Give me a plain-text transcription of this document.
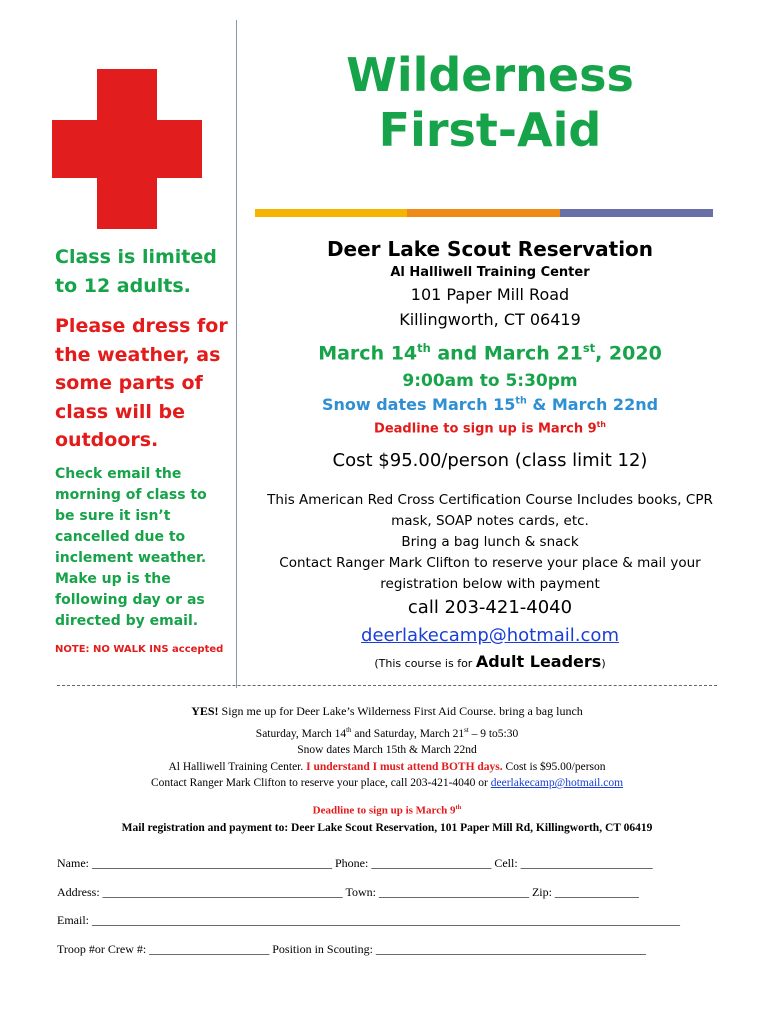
Wilderness
First-Aid
Class is limited
to 12 adults.
Please dress for
the weather, as
some parts of
class will be
outdoors.
Check email the
morning of class to
be sure it isn’t
cancelled due to
inclement weather.
Make up is the
following day or as
directed by email.
NOTE: NO WALK INS accepted
Deer Lake Scout Reservation
Al Halliwell Training Center
101 Paper Mill Road
Killingworth, CT 06419
March 14th and March 21st, 2020
9:00am to 5:30pm
Snow dates March 15th & March 22nd
Deadline to sign up is March 9th
Cost $95.00/person (class limit 12)
This American Red Cross Certification Course Includes books, CPR
mask, SOAP notes cards, etc.
Bring a bag lunch & snack
Contact Ranger Mark Clifton to reserve your place & mail your
registration below with payment
call 203-421-4040
deerlakecamp@hotmail.com
(This course is for Adult Leaders)
YES! Sign me up for Deer Lake’s Wilderness First Aid Course. bring a bag lunch
Saturday, March 14th and Saturday, March 21st – 9 to5:30
Snow dates March 15th & March 22nd
Al Halliwell Training Center. I understand I must attend BOTH days. Cost is $95.00/person
Contact Ranger Mark Clifton to reserve your place, call 203-421-4040 or deerlakecamp@hotmail.com
Deadline to sign up is March 9th
Mail registration and payment to: Deer Lake Scout Reservation, 101 Paper Mill Rd, Killingworth, CT 06419
Name: ________________________________________ Phone: ____________________ Cell: ______________________
Address: ________________________________________ Town: _________________________ Zip: ______________
Email: __________________________________________________________________________________________________
Troop #or Crew #: ____________________ Position in Scouting: _____________________________________________
